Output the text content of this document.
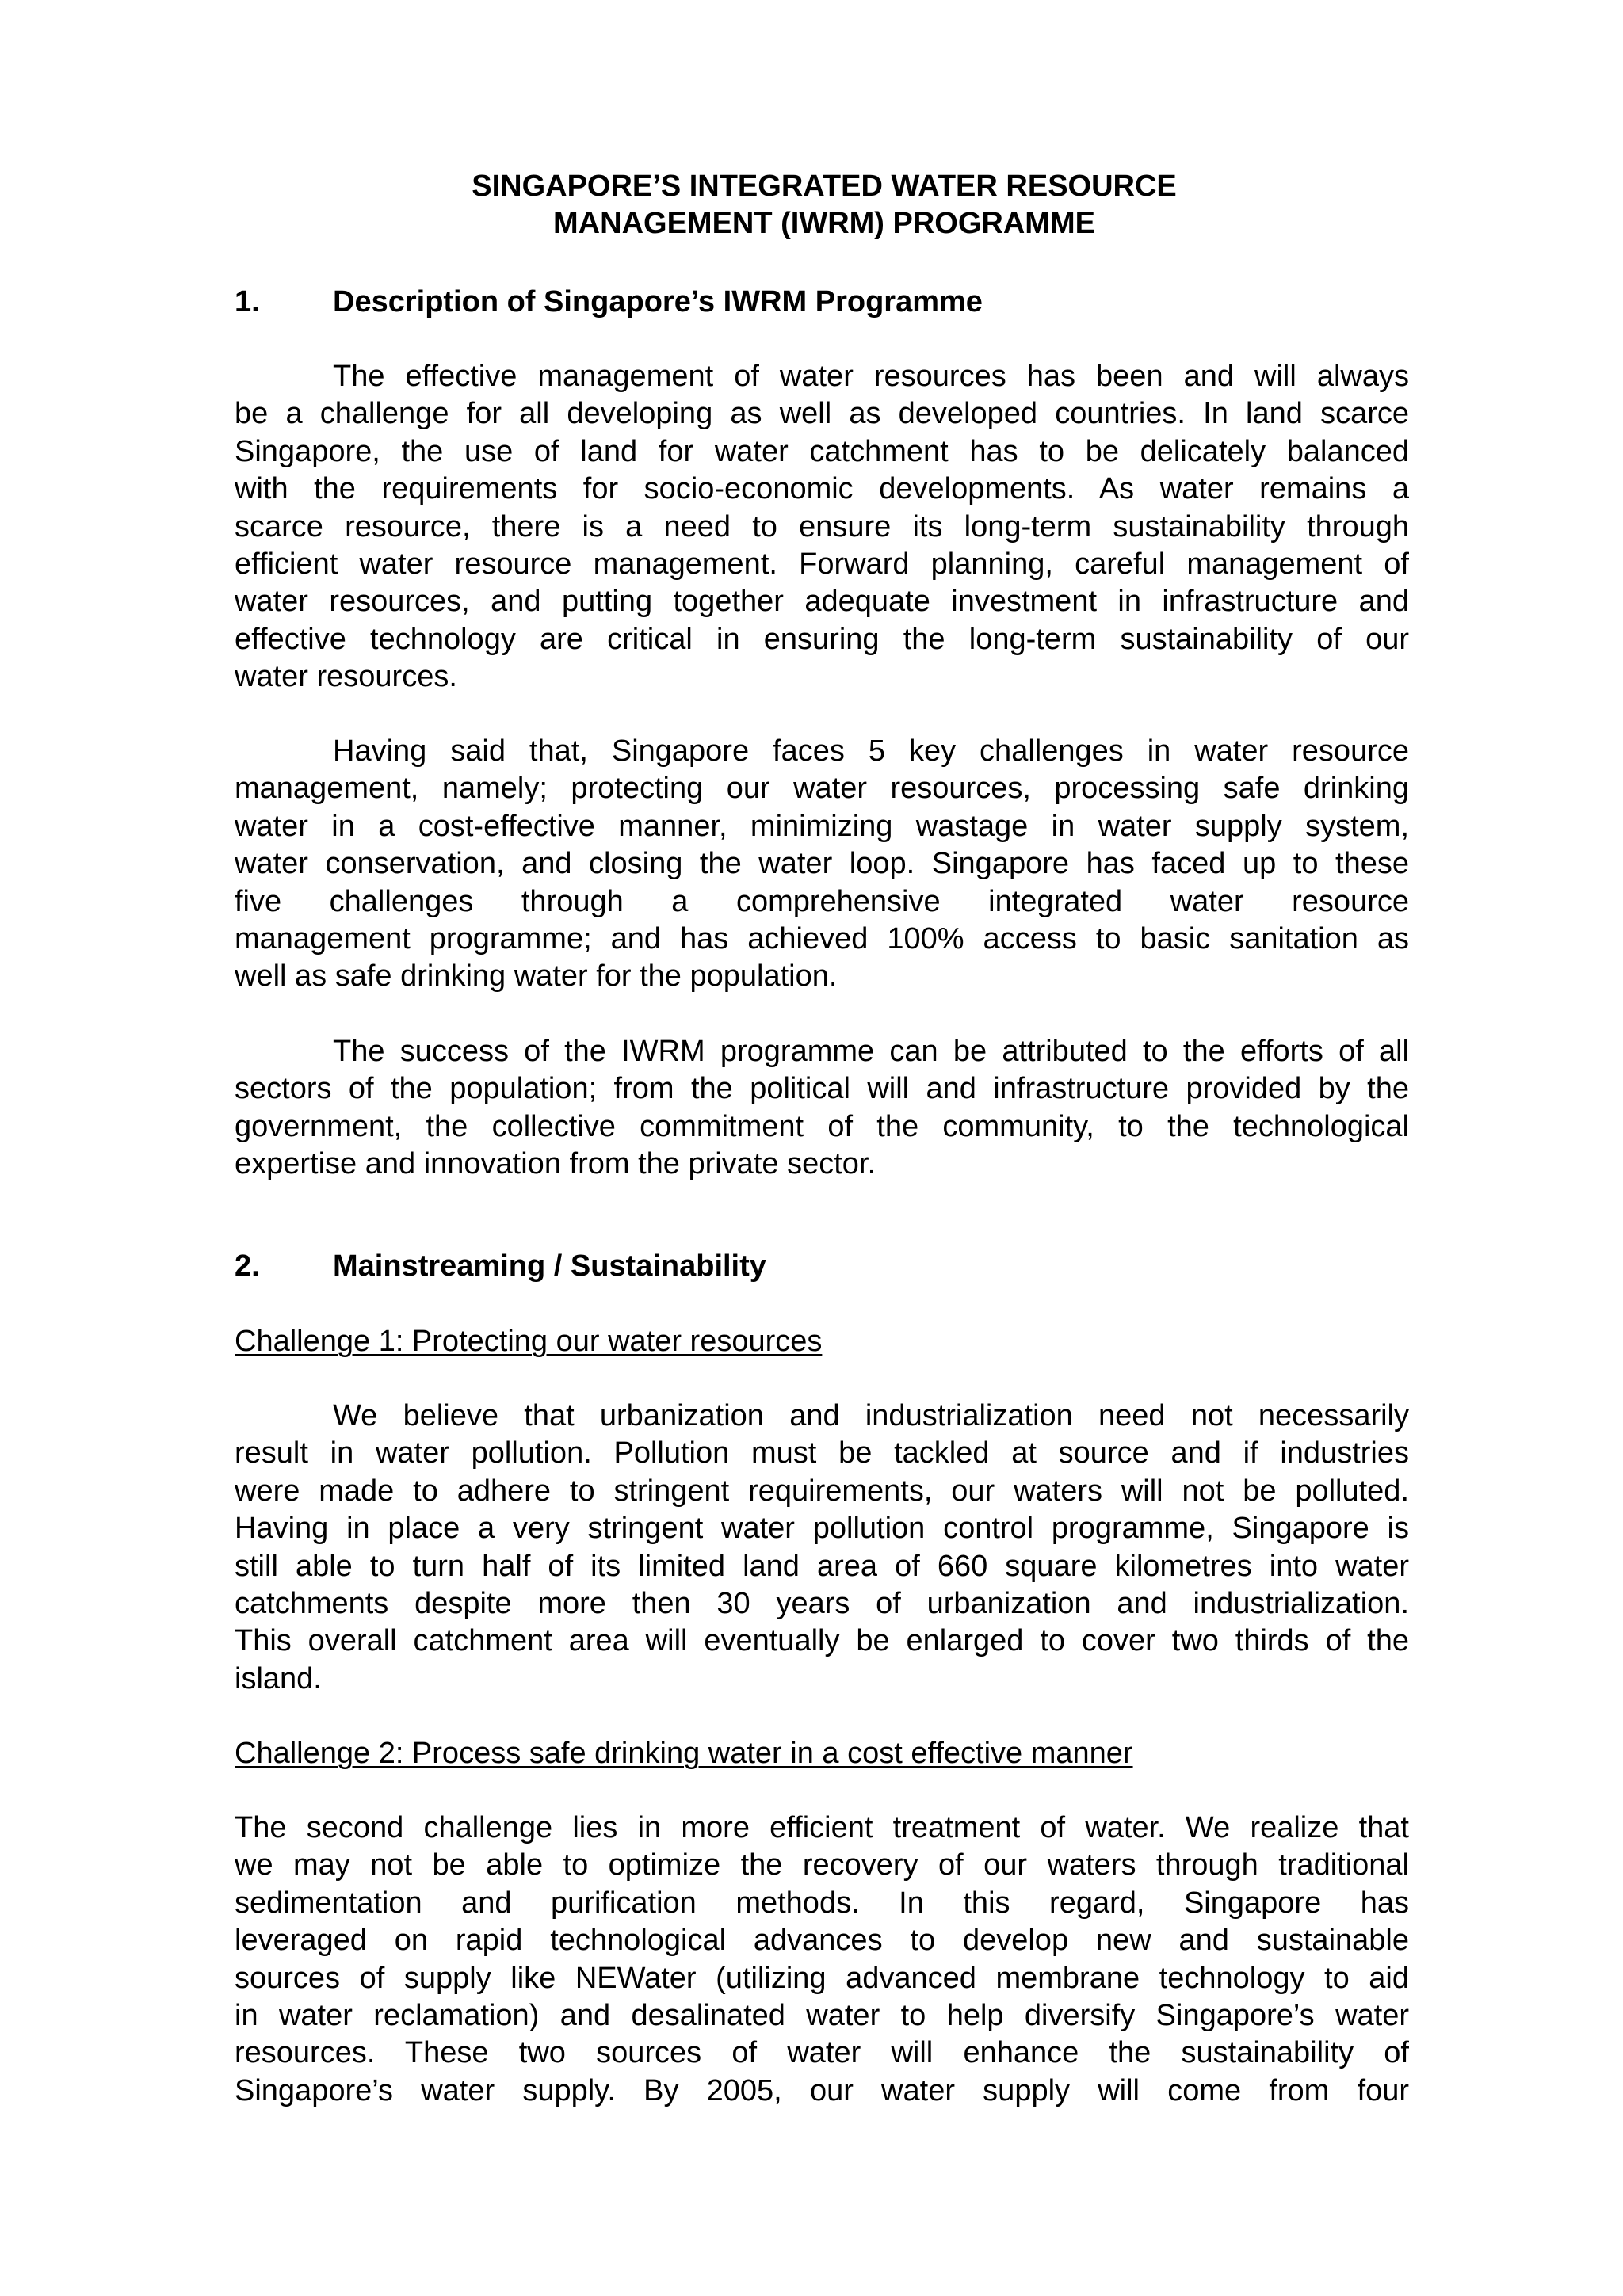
SINGAPORE’S INTEGRATED WATER RESOURCE
MANAGEMENT (IWRM) PROGRAMME
1. Description of Singapore’s IWRM Programme
The effective management of water resources has been and will always
be a challenge for all developing as well as developed countries. In land scarce
Singapore, the use of land for water catchment has to be delicately balanced
with the requirements for socio-economic developments. As water remains a
scarce resource, there is a need to ensure its long-term sustainability through
efficient water resource management. Forward planning, careful management of
water resources, and putting together adequate investment in infrastructure and
effective technology are critical in ensuring the long-term sustainability of our
water resources.
Having said that, Singapore faces 5 key challenges in water resource
management, namely; protecting our water resources, processing safe drinking
water in a cost-effective manner, minimizing wastage in water supply system,
water conservation, and closing the water loop. Singapore has faced up to these
five challenges through a comprehensive integrated water resource
management programme; and has achieved 100% access to basic sanitation as
well as safe drinking water for the population.
The success of the IWRM programme can be attributed to the efforts of all
sectors of the population; from the political will and infrastructure provided by the
government, the collective commitment of the community, to the technological
expertise and innovation from the private sector.
2. Mainstreaming / Sustainability
Challenge 1: Protecting our water resources
We believe that urbanization and industrialization need not necessarily
result in water pollution. Pollution must be tackled at source and if industries
were made to adhere to stringent requirements, our waters will not be polluted.
Having in place a very stringent water pollution control programme, Singapore is
still able to turn half of its limited land area of 660 square kilometres into water
catchments despite more then 30 years of urbanization and industrialization.
This overall catchment area will eventually be enlarged to cover two thirds of the
island.
Challenge 2: Process safe drinking water in a cost effective manner
The second challenge lies in more efficient treatment of water. We realize that
we may not be able to optimize the recovery of our waters through traditional
sedimentation and purification methods. In this regard, Singapore has
leveraged on rapid technological advances to develop new and sustainable
sources of supply like NEWater (utilizing advanced membrane technology to aid
in water reclamation) and desalinated water to help diversify Singapore’s water
resources. These two sources of water will enhance the sustainability of
Singapore’s water supply. By 2005, our water supply will come from four
